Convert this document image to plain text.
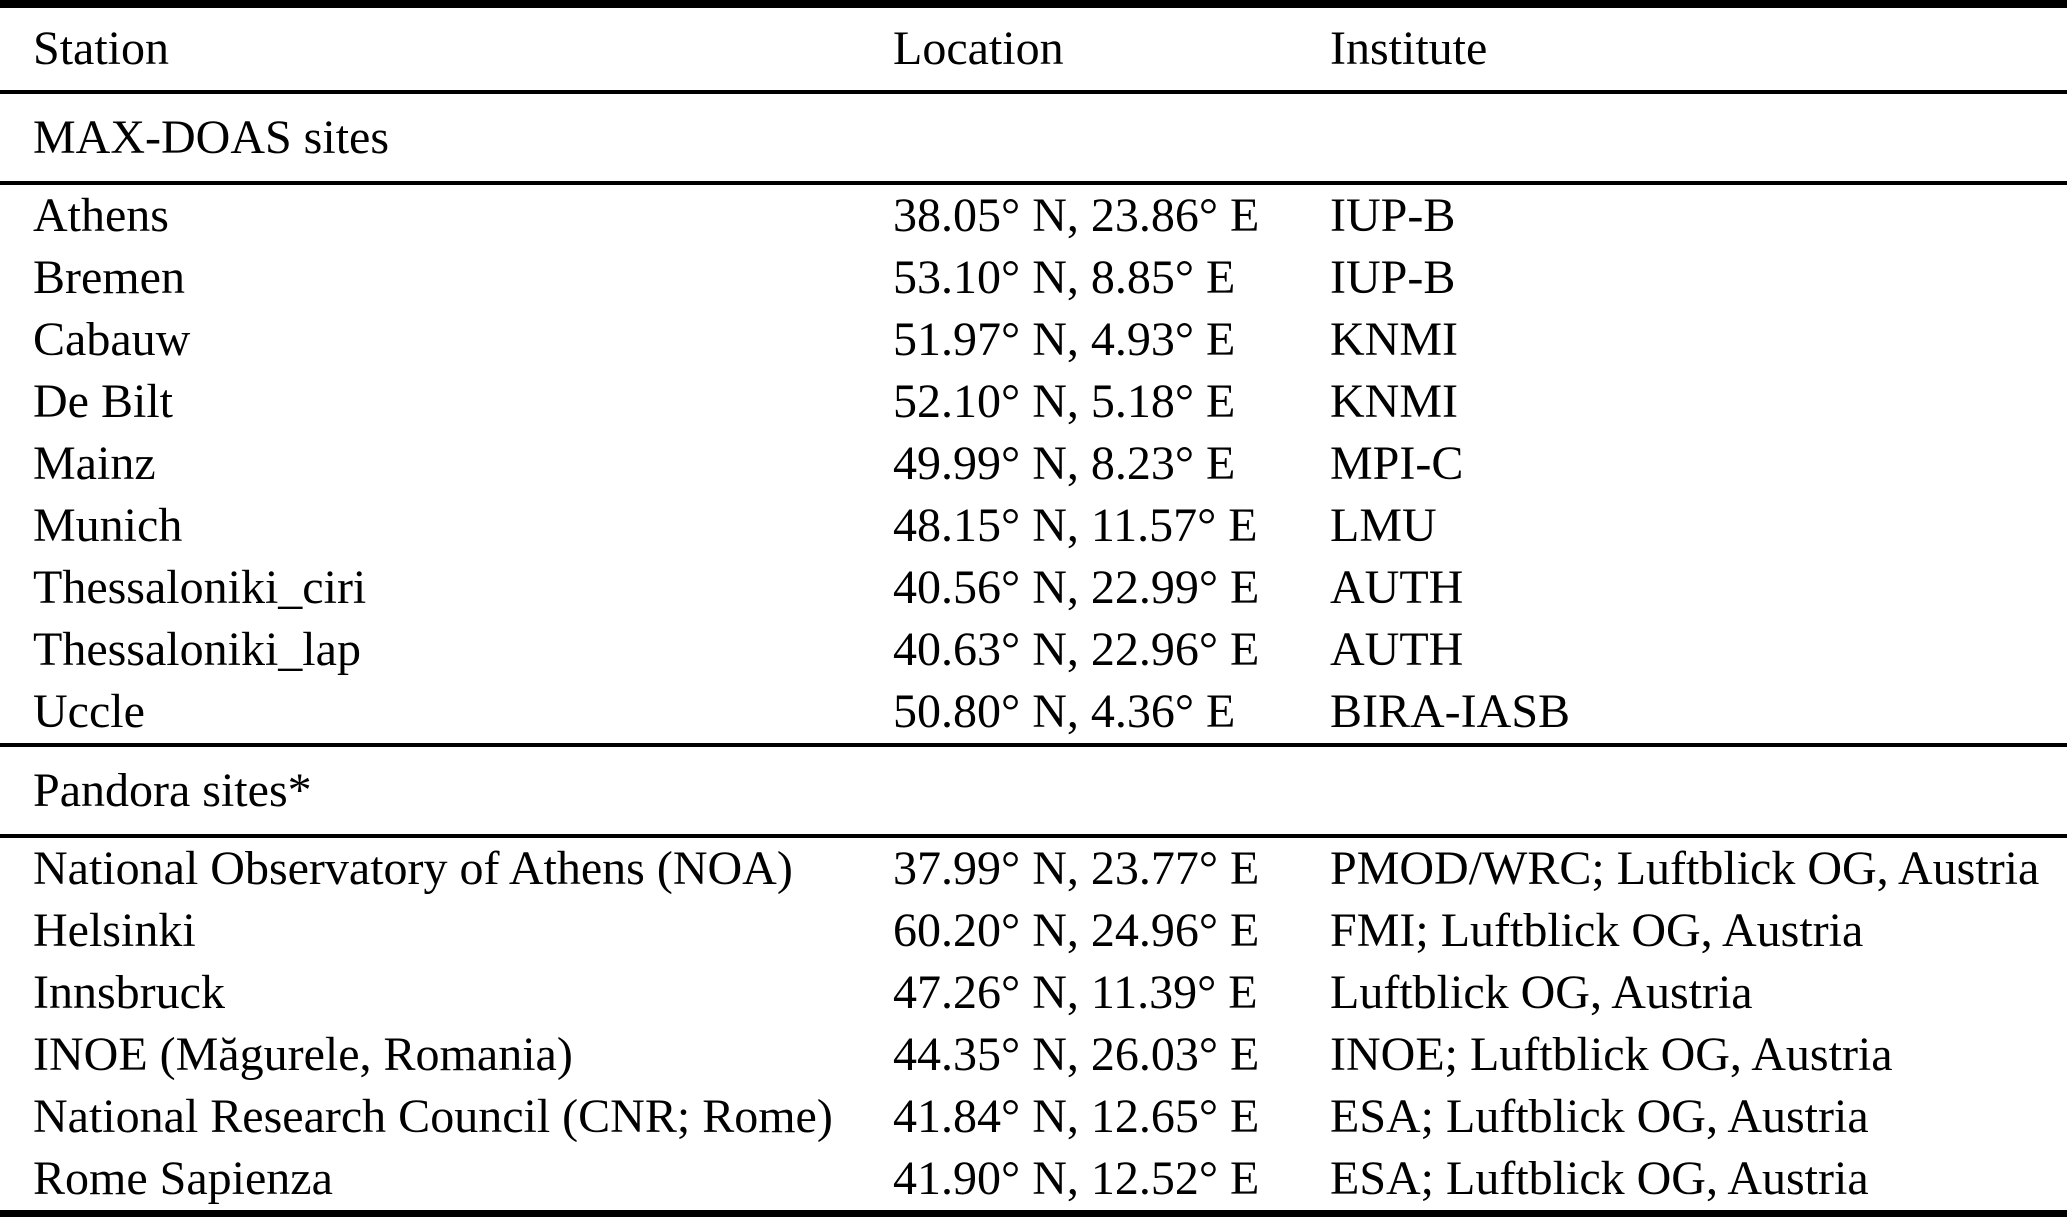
Station	Location	Institute
MAX-DOAS sites
Athens	38.05° N, 23.86° E	IUP-B
Bremen	53.10° N, 8.85° E	IUP-B
Cabauw	51.97° N, 4.93° E	KNMI
De Bilt	52.10° N, 5.18° E	KNMI
Mainz	49.99° N, 8.23° E	MPI-C
Munich	48.15° N, 11.57° E	LMU
Thessaloniki_ciri	40.56° N, 22.99° E	AUTH
Thessaloniki_lap	40.63° N, 22.96° E	AUTH
Uccle	50.80° N, 4.36° E	BIRA-IASB
Pandora sites*
National Observatory of Athens (NOA)	37.99° N, 23.77° E	PMOD/WRC; Luftblick OG, Austria
Helsinki	60.20° N, 24.96° E	FMI; Luftblick OG, Austria
Innsbruck	47.26° N, 11.39° E	Luftblick OG, Austria
INOE (Măgurele, Romania)	44.35° N, 26.03° E	INOE; Luftblick OG, Austria
National Research Council (CNR; Rome)	41.84° N, 12.65° E	ESA; Luftblick OG, Austria
Rome Sapienza	41.90° N, 12.52° E	ESA; Luftblick OG, Austria
